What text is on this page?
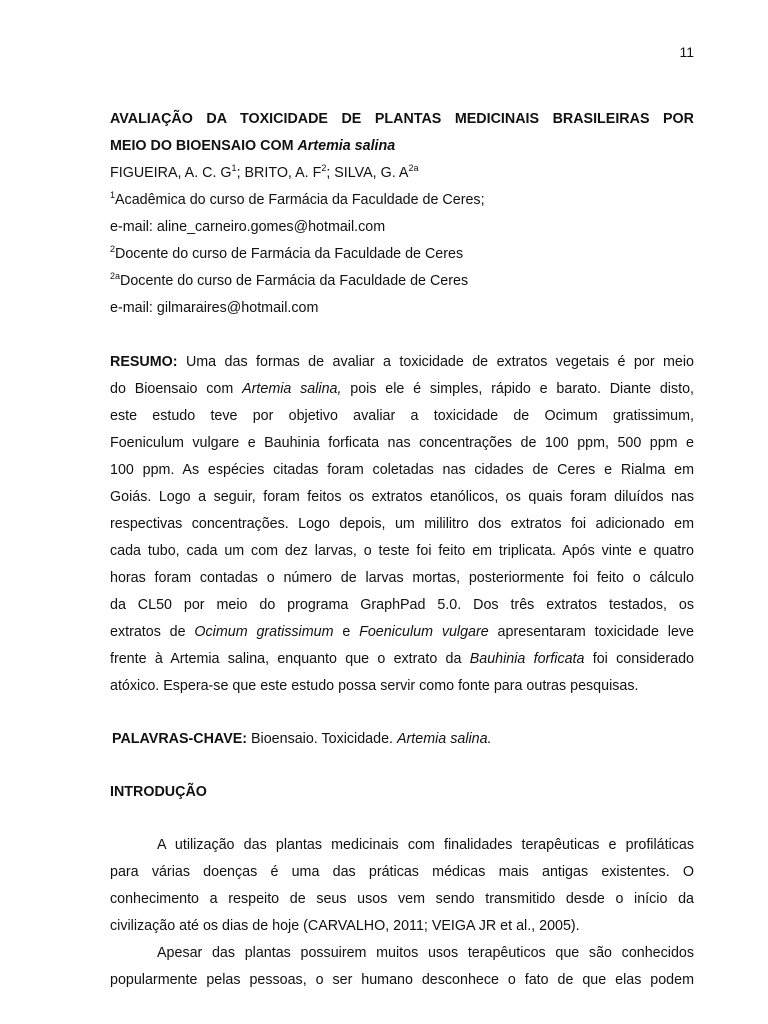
11
AVALIAÇÃO DA TOXICIDADE DE PLANTAS MEDICINAIS BRASILEIRAS POR
MEIO DO BIOENSAIO COM Artemia salina
FIGUEIRA, A. C. $G^1$; BRITO, A. $F^2$; SILVA, G. $A^{2a}$
$^1$Acadêmica do curso de Farmácia da Faculdade de Ceres;
e-mail: aline_carneiro.gomes@hotmail.com
$^2$Docente do curso de Farmácia da Faculdade de Ceres
$^{2a}$Docente do curso de Farmácia da Faculdade de Ceres
e-mail: gilmaraires@hotmail.com
RESUMO: Uma das formas de avaliar a toxicidade de extratos vegetais é por meio
do Bioensaio com Artemia salina, pois ele é simples, rápido e barato. Diante disto,
este estudo teve por objetivo avaliar a toxicidade de Ocimum gratissimum,
Foeniculum vulgare e Bauhinia forficata nas concentrações de 100 ppm, 500 ppm e
100 ppm. As espécies citadas foram coletadas nas cidades de Ceres e Rialma em
Goiás. Logo a seguir, foram feitos os extratos etanólicos, os quais foram diluídos nas
respectivas concentrações. Logo depois, um mililitro dos extratos foi adicionado em
cada tubo, cada um com dez larvas, o teste foi feito em triplicata. Após vinte e quatro
horas foram contadas o número de larvas mortas, posteriormente foi feito o cálculo
da CL50 por meio do programa GraphPad 5.0. Dos três extratos testados, os
extratos de Ocimum gratissimum e Foeniculum vulgare apresentaram toxicidade leve
frente à Artemia salina, enquanto que o extrato da Bauhinia forficata foi considerado
atóxico. Espera-se que este estudo possa servir como fonte para outras pesquisas.
PALAVRAS-CHAVE: Bioensaio. Toxicidade. Artemia salina.
INTRODUÇÃO
A utilização das plantas medicinais com finalidades terapêuticas e profiláticas
para várias doenças é uma das práticas médicas mais antigas existentes. O
conhecimento a respeito de seus usos vem sendo transmitido desde o início da
civilização até os dias de hoje (CARVALHO, 2011; VEIGA JR et al., 2005).
Apesar das plantas possuirem muitos usos terapêuticos que são conhecidos
popularmente pelas pessoas, o ser humano desconhece o fato de que elas podem
